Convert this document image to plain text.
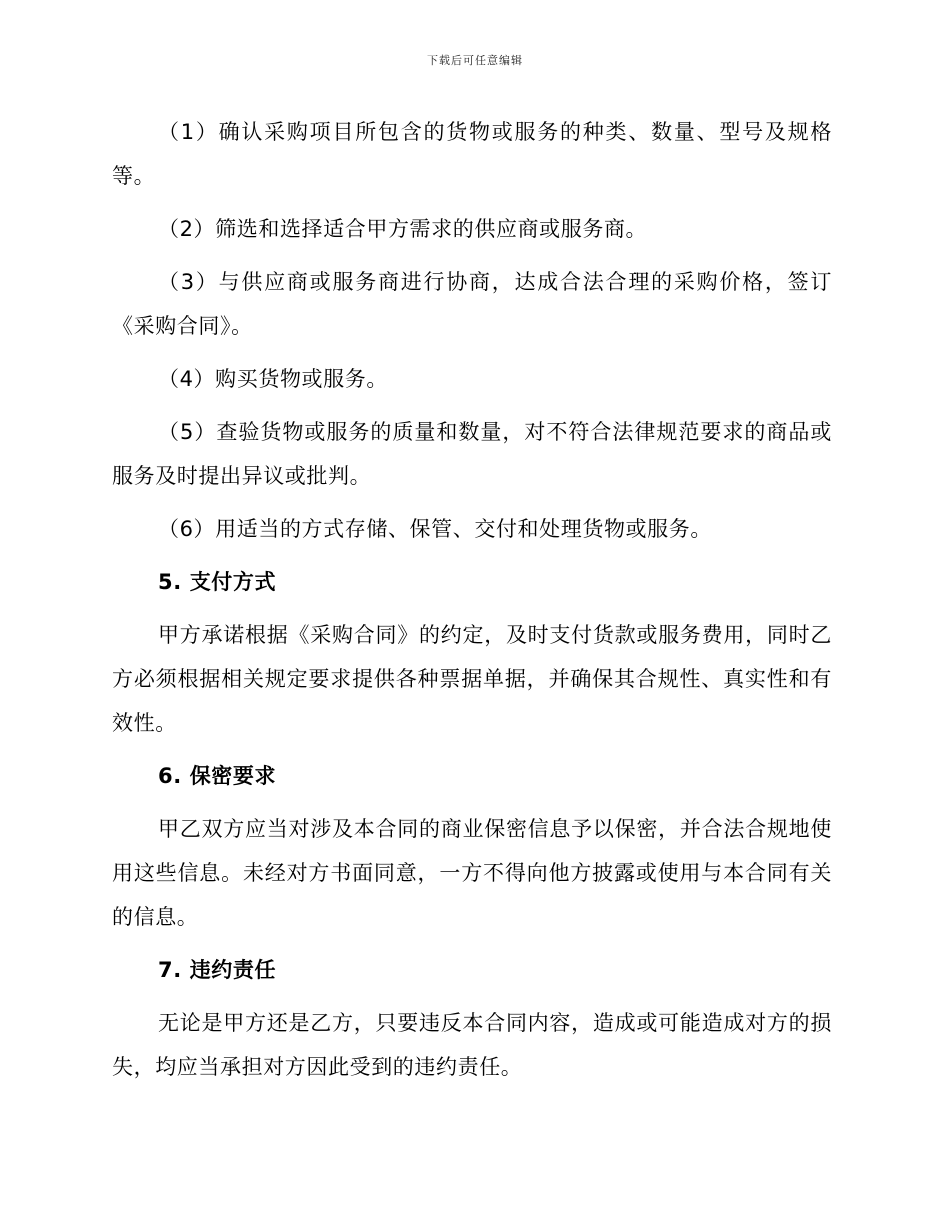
下载后可任意编辑

（1）确认采购项目所包含的货物或服务的种类、数量、型号及规格等。

（2）筛选和选择适合甲方需求的供应商或服务商。

（3）与供应商或服务商进行协商，达成合法合理的采购价格，签订《采购合同》。

（4）购买货物或服务。

（5）查验货物或服务的质量和数量，对不符合法律规范要求的商品或服务及时提出异议或批判。

（6）用适当的方式存储、保管、交付和处理货物或服务。

5. 支付方式

甲方承诺根据《采购合同》的约定，及时支付货款或服务费用，同时乙方必须根据相关规定要求提供各种票据单据，并确保其合规性、真实性和有效性。

6. 保密要求

甲乙双方应当对涉及本合同的商业保密信息予以保密，并合法合规地使用这些信息。未经对方书面同意，一方不得向他方披露或使用与本合同有关的信息。

7. 违约责任

无论是甲方还是乙方，只要违反本合同内容，造成或可能造成对方的损失，均应当承担对方因此受到的违约责任。
